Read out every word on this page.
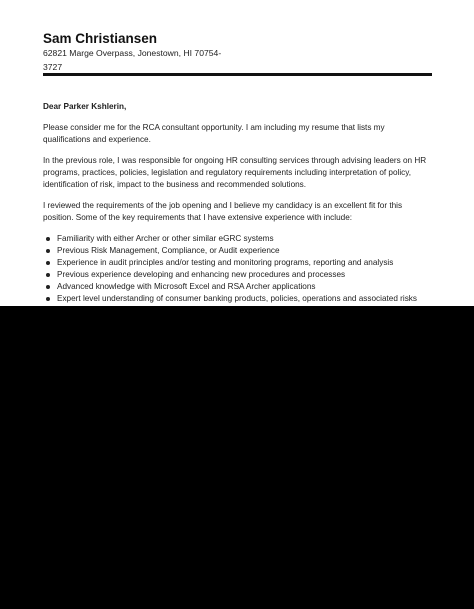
Sam Christiansen

62821 Marge Overpass, Jonestown, HI 70754-3727

Dear Parker Kshlerin,

Please consider me for the RCA consultant opportunity. I am including my resume that lists my qualifications and experience.

In the previous role, I was responsible for ongoing HR consulting services through advising leaders on HR programs, practices, policies, legislation and regulatory requirements including interpretation of policy, identification of risk, impact to the business and recommended solutions.

I reviewed the requirements of the job opening and I believe my candidacy is an excellent fit for this position. Some of the key requirements that I have extensive experience with include:

Familiarity with either Archer or other similar eGRC systems
Previous Risk Management, Compliance, or Audit experience
Experience in audit principles and/or testing and monitoring programs, reporting and analysis
Previous experience developing and enhancing new procedures and processes
Advanced knowledge with Microsoft Excel and RSA Archer applications
Expert level understanding of consumer banking products, policies, operations and associated risks
